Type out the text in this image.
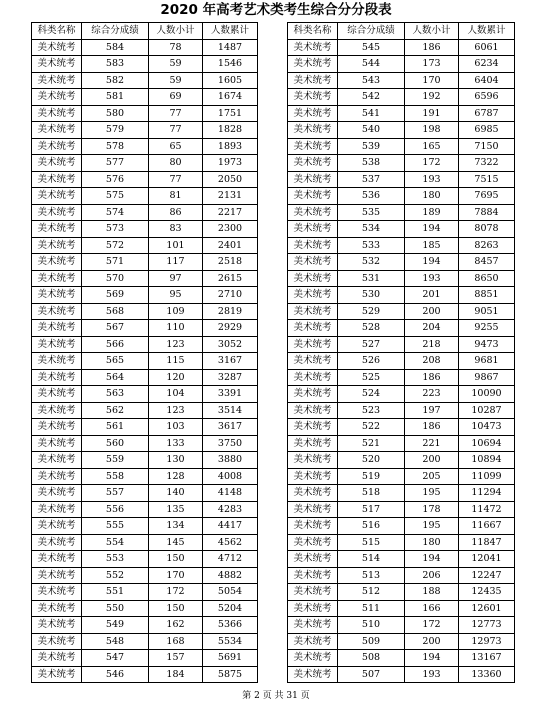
2020 年高考艺术类考生综合分分段表
科类名称	综合分成绩	人数小计	人数累计
美术统考	584	78	1487
美术统考	583	59	1546
美术统考	582	59	1605
美术统考	581	69	1674
美术统考	580	77	1751
美术统考	579	77	1828
美术统考	578	65	1893
美术统考	577	80	1973
美术统考	576	77	2050
美术统考	575	81	2131
美术统考	574	86	2217
美术统考	573	83	2300
美术统考	572	101	2401
美术统考	571	117	2518
美术统考	570	97	2615
美术统考	569	95	2710
美术统考	568	109	2819
美术统考	567	110	2929
美术统考	566	123	3052
美术统考	565	115	3167
美术统考	564	120	3287
美术统考	563	104	3391
美术统考	562	123	3514
美术统考	561	103	3617
美术统考	560	133	3750
美术统考	559	130	3880
美术统考	558	128	4008
美术统考	557	140	4148
美术统考	556	135	4283
美术统考	555	134	4417
美术统考	554	145	4562
美术统考	553	150	4712
美术统考	552	170	4882
美术统考	551	172	5054
美术统考	550	150	5204
美术统考	549	162	5366
美术统考	548	168	5534
美术统考	547	157	5691
美术统考	546	184	5875
科类名称	综合分成绩	人数小计	人数累计
美术统考	545	186	6061
美术统考	544	173	6234
美术统考	543	170	6404
美术统考	542	192	6596
美术统考	541	191	6787
美术统考	540	198	6985
美术统考	539	165	7150
美术统考	538	172	7322
美术统考	537	193	7515
美术统考	536	180	7695
美术统考	535	189	7884
美术统考	534	194	8078
美术统考	533	185	8263
美术统考	532	194	8457
美术统考	531	193	8650
美术统考	530	201	8851
美术统考	529	200	9051
美术统考	528	204	9255
美术统考	527	218	9473
美术统考	526	208	9681
美术统考	525	186	9867
美术统考	524	223	10090
美术统考	523	197	10287
美术统考	522	186	10473
美术统考	521	221	10694
美术统考	520	200	10894
美术统考	519	205	11099
美术统考	518	195	11294
美术统考	517	178	11472
美术统考	516	195	11667
美术统考	515	180	11847
美术统考	514	194	12041
美术统考	513	206	12247
美术统考	512	188	12435
美术统考	511	166	12601
美术统考	510	172	12773
美术统考	509	200	12973
美术统考	508	194	13167
美术统考	507	193	13360
第 2 页 共 31 页
